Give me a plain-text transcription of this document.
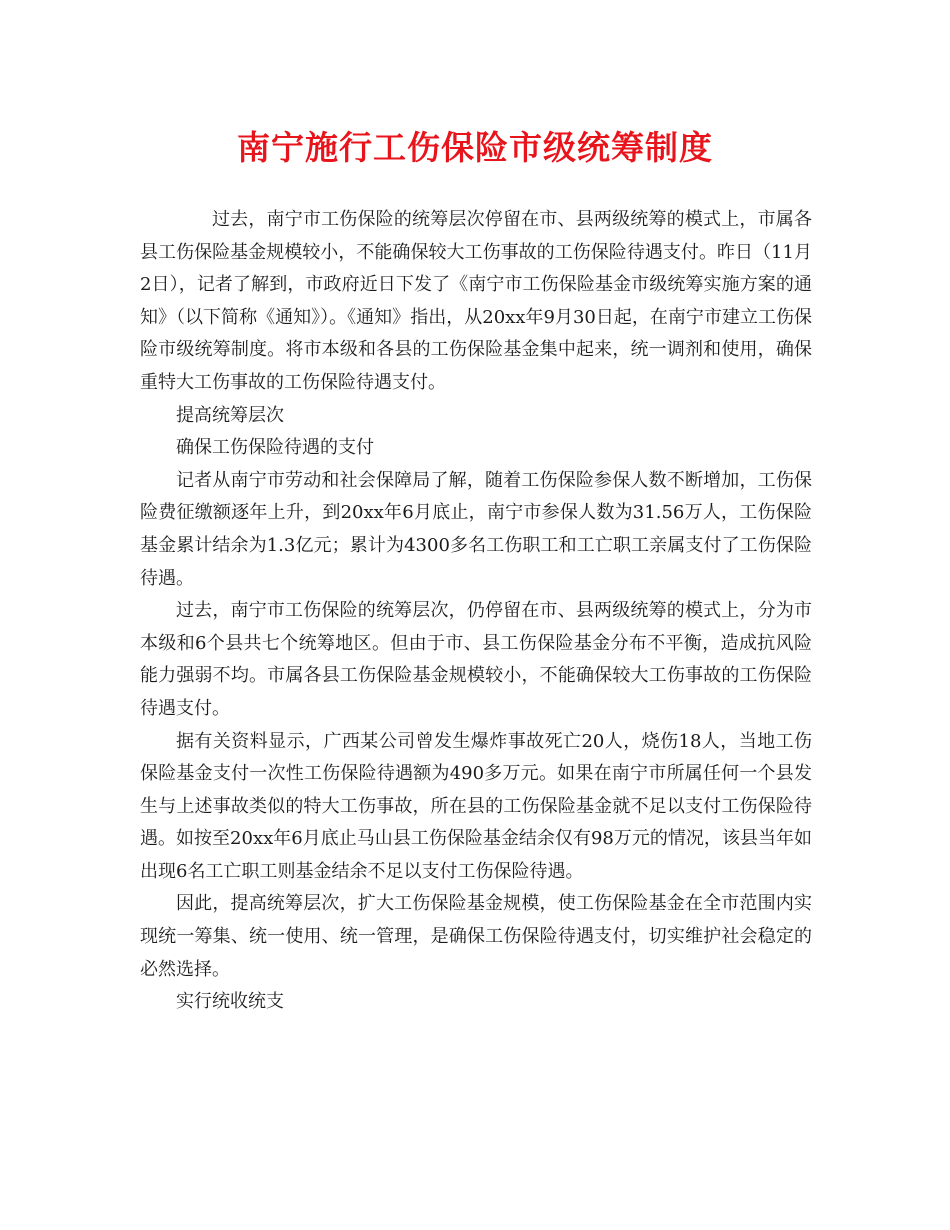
南宁施行工伤保险市级统筹制度

过去，南宁市工伤保险的统筹层次停留在市、县两级统筹的模式上，市属各县工伤保险基金规模较小，不能确保较大工伤事故的工伤保险待遇支付。昨日（11月2日），记者了解到，市政府近日下发了《南宁市工伤保险基金市级统筹实施方案的通知》（以下简称《通知》）。《通知》指出，从20xx年9月30日起，在南宁市建立工伤保险市级统筹制度。将市本级和各县的工伤保险基金集中起来，统一调剂和使用，确保重特大工伤事故的工伤保险待遇支付。

提高统筹层次

确保工伤保险待遇的支付

记者从南宁市劳动和社会保障局了解，随着工伤保险参保人数不断增加，工伤保险费征缴额逐年上升，到20xx年6月底止，南宁市参保人数为31.56万人，工伤保险基金累计结余为1.3亿元；累计为4300多名工伤职工和工亡职工亲属支付了工伤保险待遇。

过去，南宁市工伤保险的统筹层次，仍停留在市、县两级统筹的模式上，分为市本级和6个县共七个统筹地区。但由于市、县工伤保险基金分布不平衡，造成抗风险能力强弱不均。市属各县工伤保险基金规模较小，不能确保较大工伤事故的工伤保险待遇支付。

据有关资料显示，广西某公司曾发生爆炸事故死亡20人，烧伤18人，当地工伤保险基金支付一次性工伤保险待遇额为490多万元。如果在南宁市所属任何一个县发生与上述事故类似的特大工伤事故，所在县的工伤保险基金就不足以支付工伤保险待遇。如按至20xx年6月底止马山县工伤保险基金结余仅有98万元的情况，该县当年如出现6名工亡职工则基金结余不足以支付工伤保险待遇。

因此，提高统筹层次，扩大工伤保险基金规模，使工伤保险基金在全市范围内实现统一筹集、统一使用、统一管理，是确保工伤保险待遇支付，切实维护社会稳定的必然选择。

实行统收统支
